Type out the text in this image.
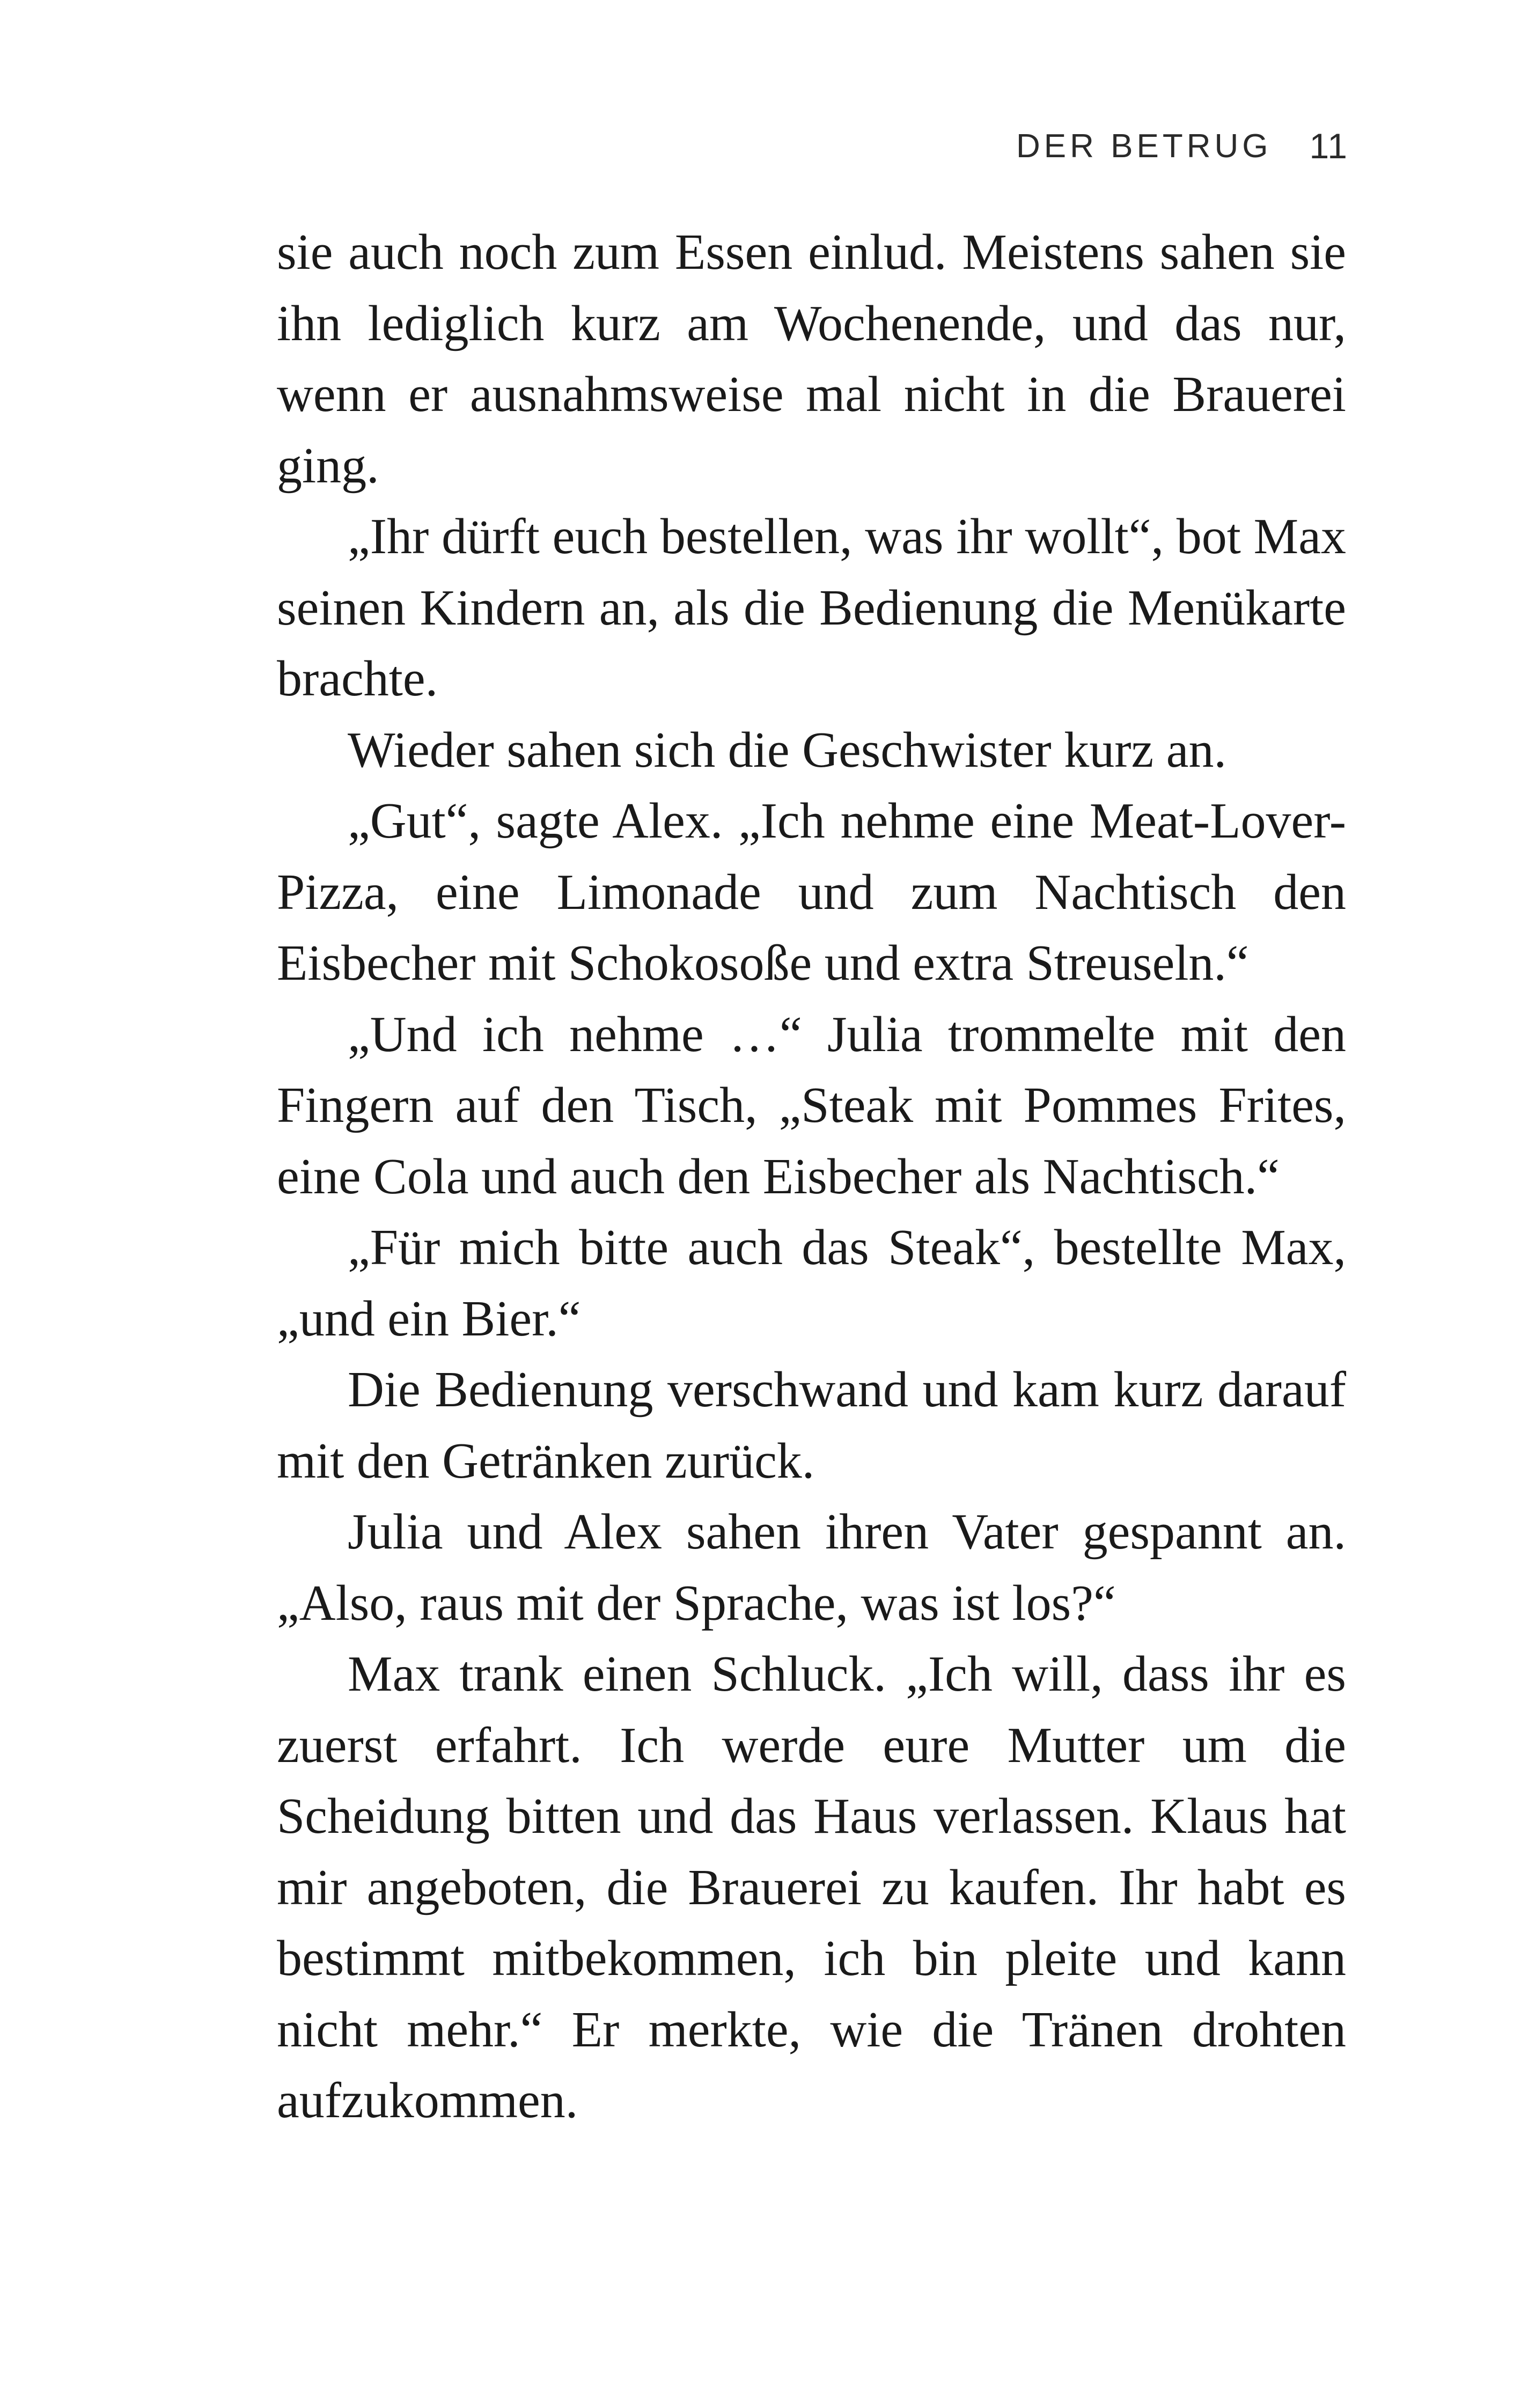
DER BETRUG 11

sie auch noch zum Essen einlud. Meistens sahen sie ihn lediglich kurz am Wochenende, und das nur, wenn er ausnahmsweise mal nicht in die Brauerei ging.

„Ihr dürft euch bestellen, was ihr wollt“, bot Max seinen Kindern an, als die Bedienung die Menükarte brachte.

Wieder sahen sich die Geschwister kurz an.

„Gut“, sagte Alex. „Ich nehme eine Meat-Lover-Pizza, eine Limonade und zum Nachtisch den Eisbecher mit Schokosoße und extra Streuseln.“

„Und ich nehme …“ Julia trommelte mit den Fingern auf den Tisch, „Steak mit Pommes Frites, eine Cola und auch den Eisbecher als Nachtisch.“

„Für mich bitte auch das Steak“, bestellte Max, „und ein Bier.“

Die Bedienung verschwand und kam kurz darauf mit den Getränken zurück.

Julia und Alex sahen ihren Vater gespannt an. „Also, raus mit der Sprache, was ist los?“

Max trank einen Schluck. „Ich will, dass ihr es zuerst erfahrt. Ich werde eure Mutter um die Scheidung bitten und das Haus verlassen. Klaus hat mir angeboten, die Brauerei zu kaufen. Ihr habt es bestimmt mitbekommen, ich bin pleite und kann nicht mehr.“ Er merkte, wie die Tränen drohten aufzukommen.
